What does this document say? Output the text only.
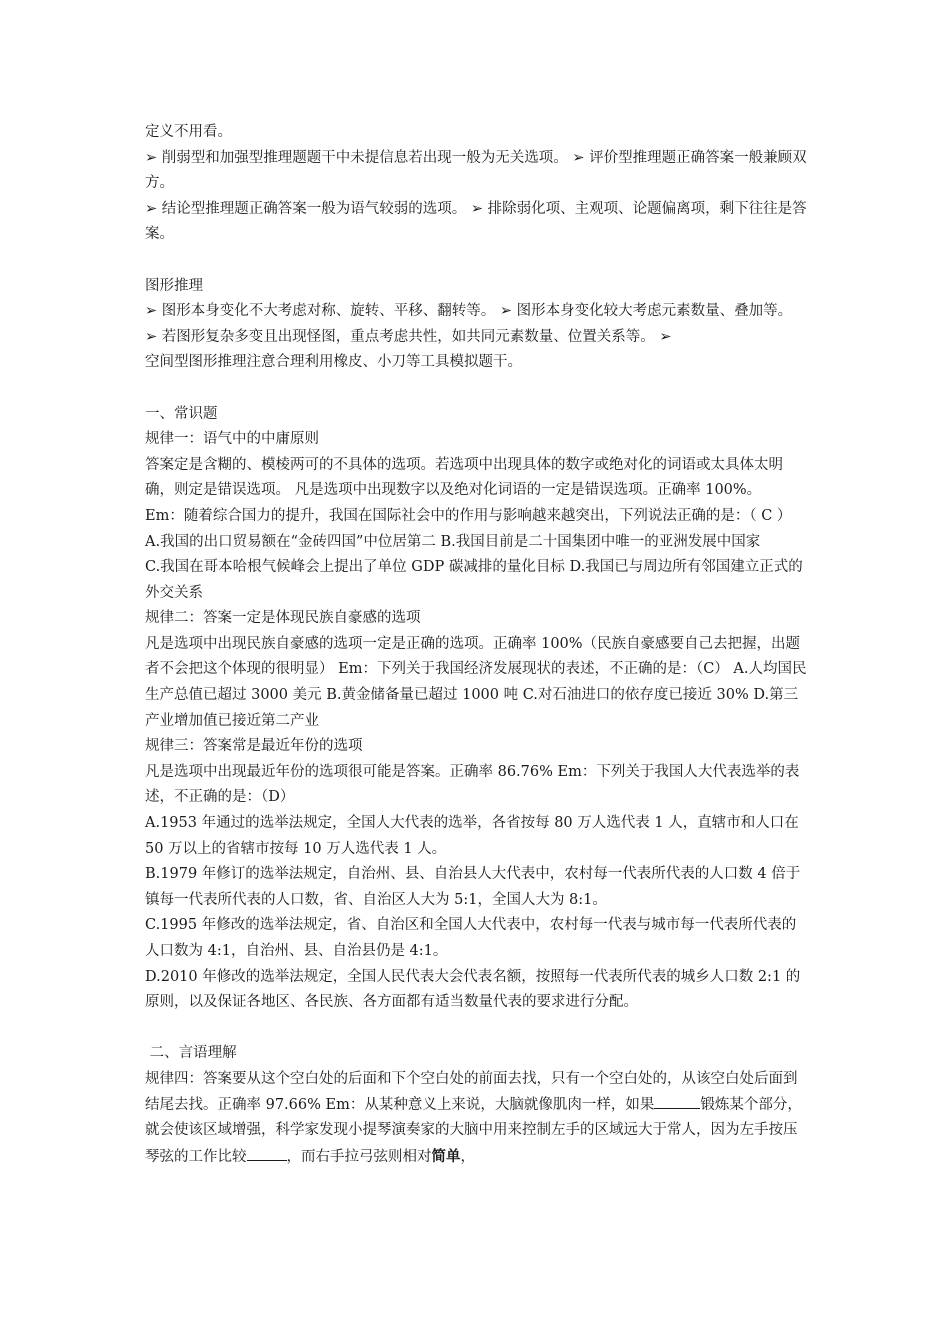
定义不用看。

➢ 削弱型和加强型推理题题干中未提信息若出现一般为无关选项。 ➢ 评价型推理题正确答案一般兼顾双方。

➢ 结论型推理题正确答案一般为语气较弱的选项。 ➢ 排除弱化项、主观项、论题偏离项，剩下往往是答案。

图形推理

➢ 图形本身变化不大考虑对称、旋转、平移、翻转等。 ➢ 图形本身变化较大考虑元素数量、叠加等。

➢ 若图形复杂多变且出现怪图，重点考虑共性，如共同元素数量、位置关系等。 ➢

空间型图形推理注意合理利用橡皮、小刀等工具模拟题干。

一、常识题

规律一：语气中的中庸原则

答案定是含糊的、模棱两可的不具体的选项。若选项中出现具体的数字或绝对化的词语或太具体太明确，则定是错误选项。 凡是选项中出现数字以及绝对化词语的一定是错误选项。正确率 100%。

Em：随着综合国力的提升，我国在国际社会中的作用与影响越来越突出，下列说法正确的是：（ C ） A.我国的出口贸易额在“金砖四国”中位居第二 B.我国目前是二十国集团中唯一的亚洲发展中国家

C.我国在哥本哈根气候峰会上提出了单位 GDP 碳减排的量化目标 D.我国已与周边所有邻国建立正式的外交关系

规律二：答案一定是体现民族自豪感的选项

凡是选项中出现民族自豪感的选项一定是正确的选项。正确率 100%（民族自豪感要自己去把握，出题者不会把这个体现的很明显） Em：下列关于我国经济发展现状的表述，不正确的是：（C） A.人均国民生产总值已超过 3000 美元 B.黄金储备量已超过 1000 吨 C.对石油进口的依存度已接近 30% D.第三产业增加值已接近第二产业

规律三：答案常是最近年份的选项

凡是选项中出现最近年份的选项很可能是答案。正确率 86.76% Em：下列关于我国人大代表选举的表述，不正确的是：（D）

A.1953 年通过的选举法规定，全国人大代表的选举，各省按每 80 万人选代表 1 人，直辖市和人口在 50 万以上的省辖市按每 10 万人选代表 1 人。

B.1979 年修订的选举法规定，自治州、县、自治县人大代表中，农村每一代表所代表的人口数 4 倍于镇每一代表所代表的人口数，省、自治区人大为 5:1，全国人大为 8:1。

C.1995 年修改的选举法规定，省、自治区和全国人大代表中，农村每一代表与城市每一代表所代表的人口数为 4:1，自治州、县、自治县仍是 4:1。

D.2010 年修改的选举法规定，全国人民代表大会代表名额，按照每一代表所代表的城乡人口数 2:1 的原则，以及保证各地区、各民族、各方面都有适当数量代表的要求进行分配。

二、言语理解

规律四：答案要从这个空白处的后面和下个空白处的前面去找，只有一个空白处的，从该空白处后面到结尾去找。正确率 97.66% Em：从某种意义上来说，大脑就像肌肉一样，如果	锻炼某个部分，就会使该区域增强，科学家发现小提琴演奏家的大脑中用来控制左手的区域远大于常人，因为左手按压琴弦的工作比较	，而右手拉弓弦则相对简单，
